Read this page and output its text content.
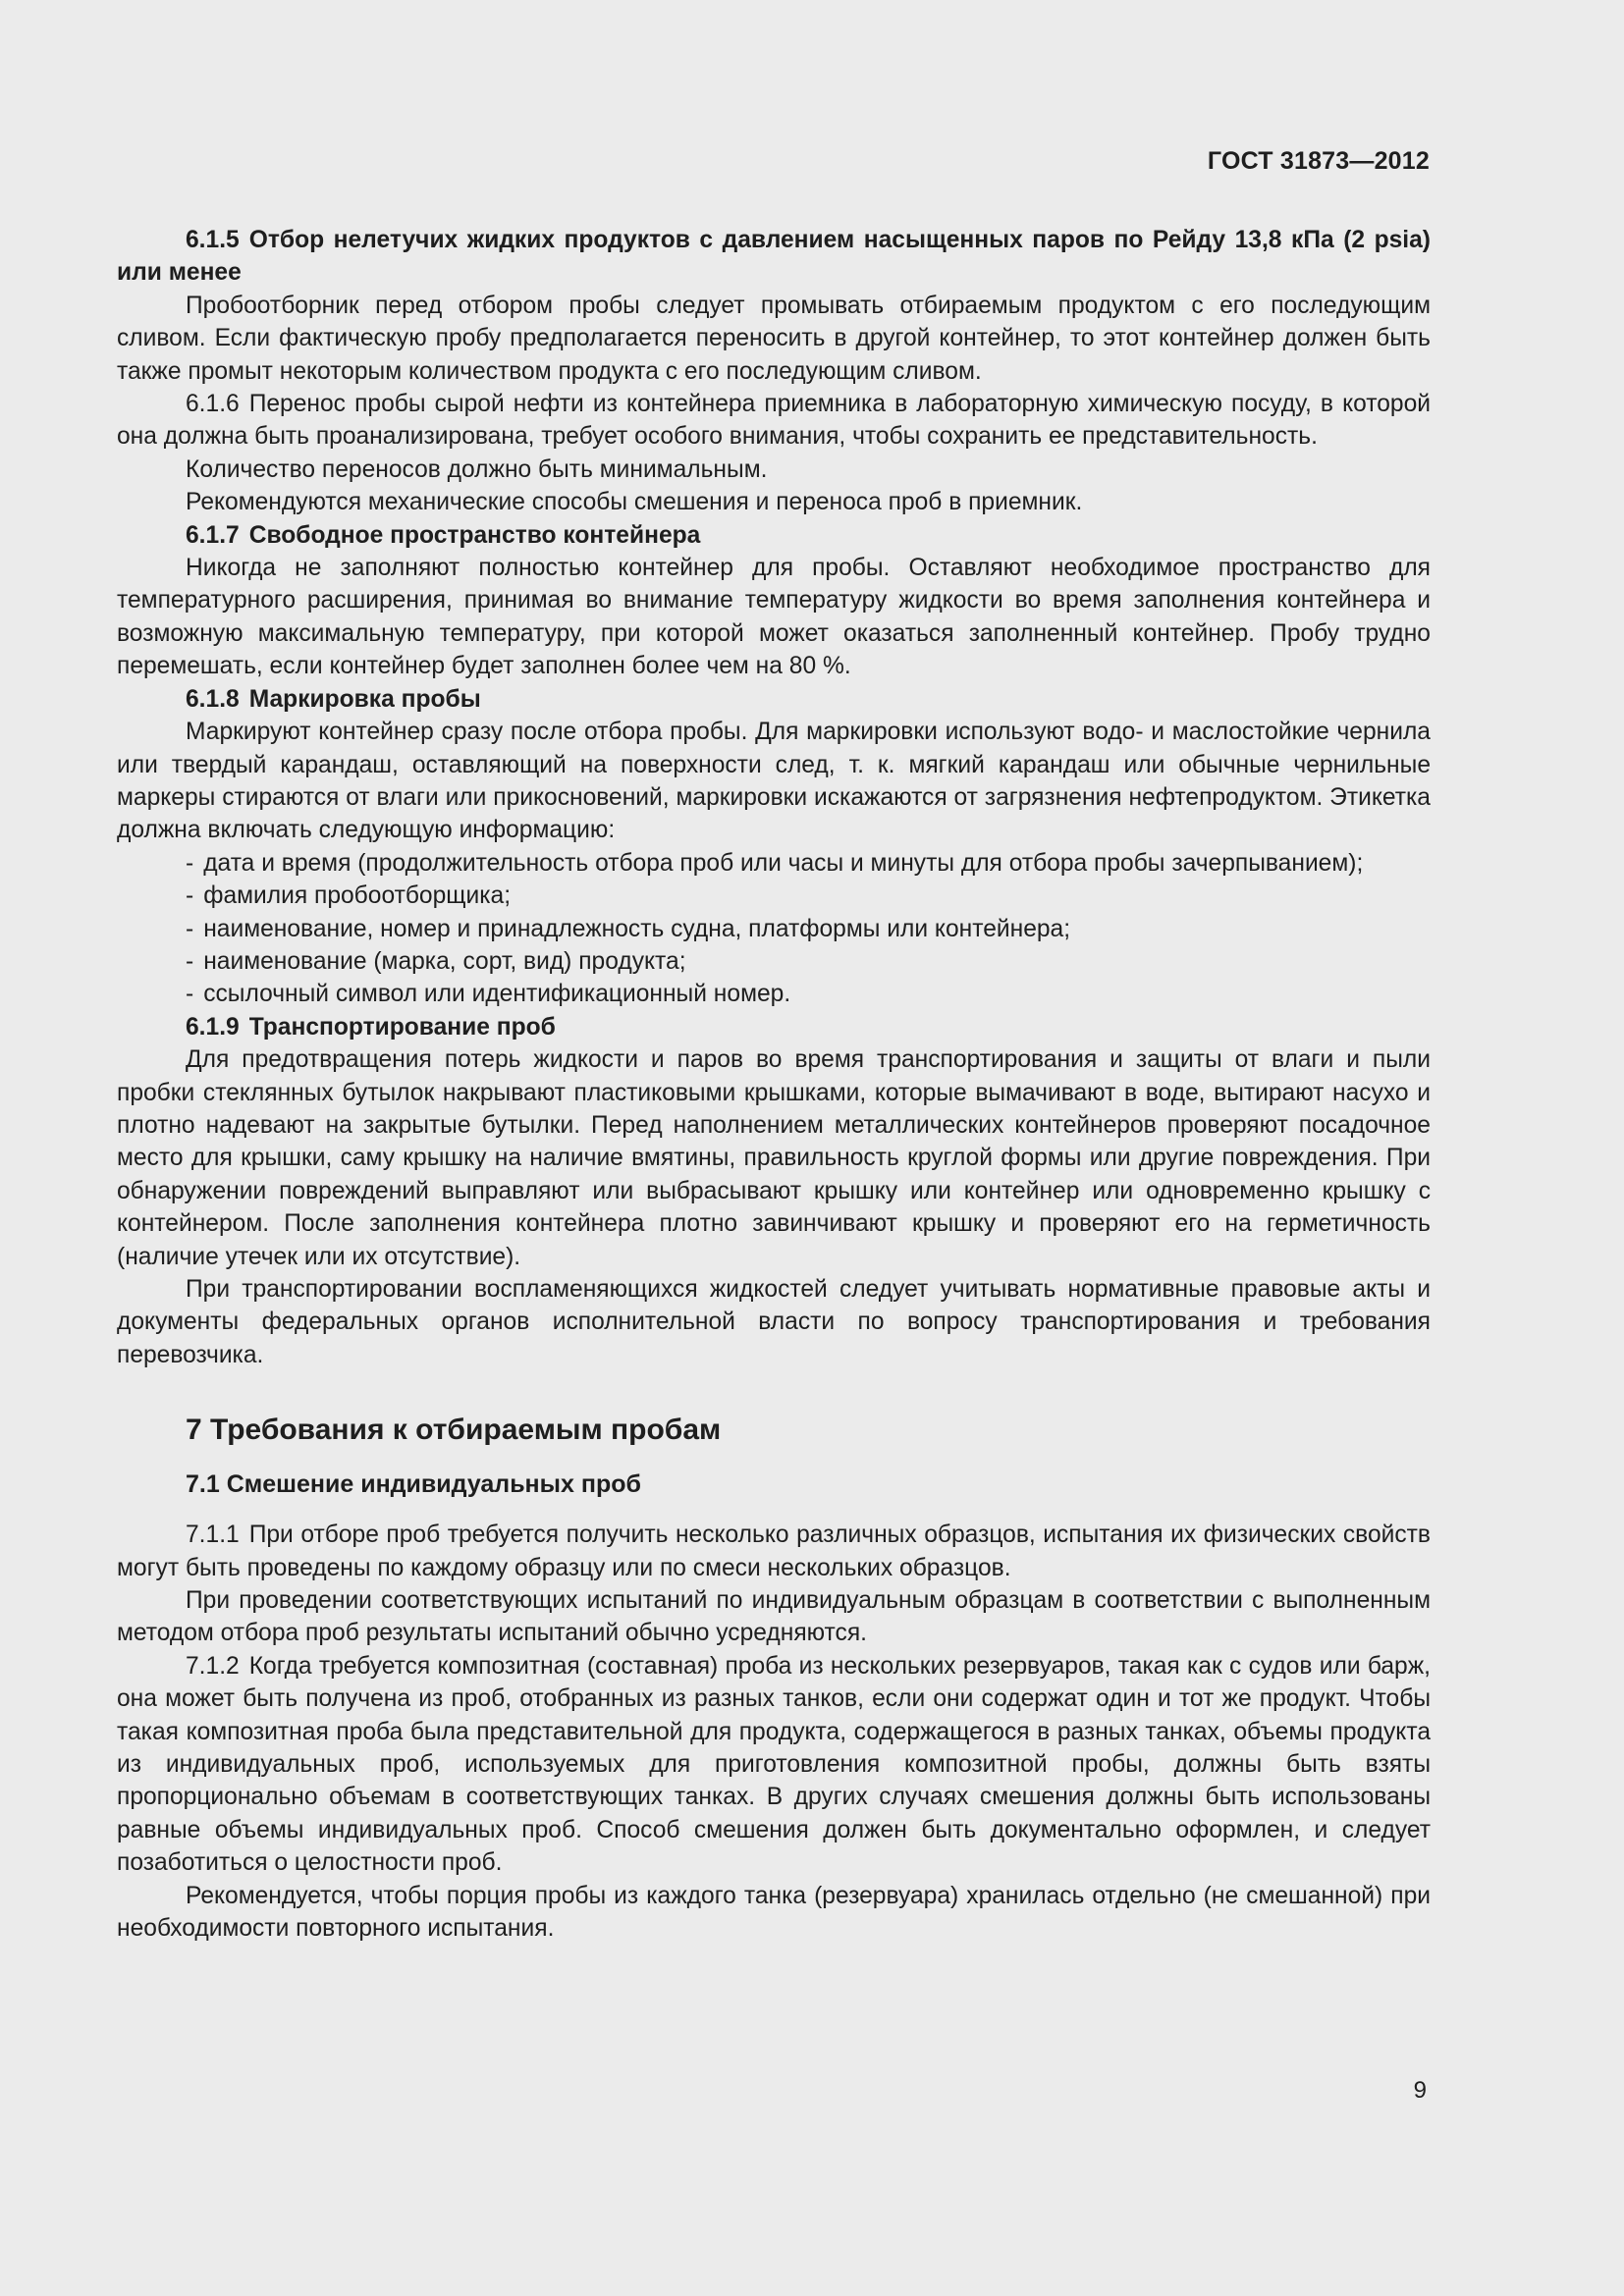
ГОСТ 31873—2012

6.1.5 Отбор нелетучих жидких продуктов с давлением насыщенных паров по Рейду 13,8 кПа (2 psia) или менее

Пробоотборник перед отбором пробы следует промывать отбираемым продуктом с его последующим сливом. Если фактическую пробу предполагается переносить в другой контейнер, то этот контейнер должен быть также промыт некоторым количеством продукта с его последующим сливом.

6.1.6 Перенос пробы сырой нефти из контейнера приемника в лабораторную химическую посуду, в которой она должна быть проанализирована, требует особого внимания, чтобы сохранить ее представительность.

Количество переносов должно быть минимальным.

Рекомендуются механические способы смешения и переноса проб в приемник.

6.1.7 Свободное пространство контейнера

Никогда не заполняют полностью контейнер для пробы. Оставляют необходимое пространство для температурного расширения, принимая во внимание температуру жидкости во время заполнения контейнера и возможную максимальную температуру, при которой может оказаться заполненный контейнер. Пробу трудно перемешать, если контейнер будет заполнен более чем на 80 %.

6.1.8 Маркировка пробы

Маркируют контейнер сразу после отбора пробы. Для маркировки используют водо- и маслостойкие чернила или твердый карандаш, оставляющий на поверхности след, т. к. мягкий карандаш или обычные чернильные маркеры стираются от влаги или прикосновений, маркировки искажаются от загрязнения нефтепродуктом. Этикетка должна включать следующую информацию:

- дата и время (продолжительность отбора проб или часы и минуты для отбора пробы зачерпыванием);
- фамилия пробоотборщика;
- наименование, номер и принадлежность судна, платформы или контейнера;
- наименование (марка, сорт, вид) продукта;
- ссылочный символ или идентификационный номер.

6.1.9 Транспортирование проб

Для предотвращения потерь жидкости и паров во время транспортирования и защиты от влаги и пыли пробки стеклянных бутылок накрывают пластиковыми крышками, которые вымачивают в воде, вытирают насухо и плотно надевают на закрытые бутылки. Перед наполнением металлических контейнеров проверяют посадочное место для крышки, саму крышку на наличие вмятины, правильность круглой формы или другие повреждения. При обнаружении повреждений выправляют или выбрасывают крышку или контейнер или одновременно крышку с контейнером. После заполнения контейнера плотно завинчивают крышку и проверяют его на герметичность (наличие утечек или их отсутствие).

При транспортировании воспламеняющихся жидкостей следует учитывать нормативные правовые акты и документы федеральных органов исполнительной власти по вопросу транспортирования и требования перевозчика.

7 Требования к отбираемым пробам
7.1 Смешение индивидуальных проб

7.1.1 При отборе проб требуется получить несколько различных образцов, испытания их физических свойств могут быть проведены по каждому образцу или по смеси нескольких образцов.

При проведении соответствующих испытаний по индивидуальным образцам в соответствии с выполненным методом отбора проб результаты испытаний обычно усредняются.

7.1.2 Когда требуется композитная (составная) проба из нескольких резервуаров, такая как с судов или барж, она может быть получена из проб, отобранных из разных танков, если они содержат один и тот же продукт. Чтобы такая композитная проба была представительной для продукта, содержащегося в разных танках, объемы продукта из индивидуальных проб, используемых для приготовления композитной пробы, должны быть взяты пропорционально объемам в соответствующих танках. В других случаях смешения должны быть использованы равные объемы индивидуальных проб. Способ смешения должен быть документально оформлен, и следует позаботиться о целостности проб.

Рекомендуется, чтобы порция пробы из каждого танка (резервуара) хранилась отдельно (не смешанной) при необходимости повторного испытания.

9
